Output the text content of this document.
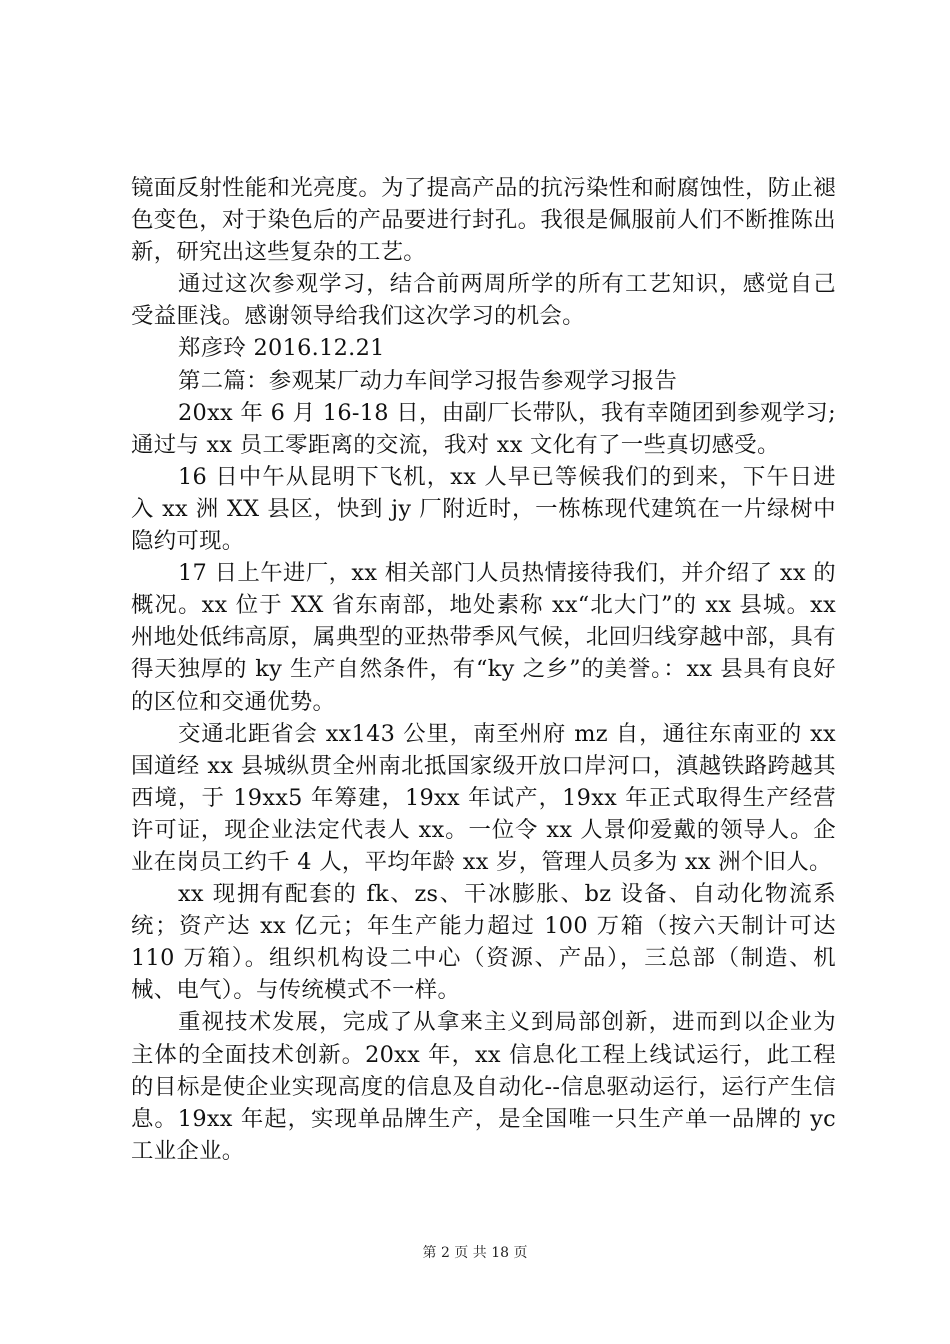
镜面反射性能和光亮度。为了提高产品的抗污染性和耐腐蚀性，防止褪色变色，对于染色后的产品要进行封孔。我很是佩服前人们不断推陈出新，研究出这些复杂的工艺。

通过这次参观学习，结合前两周所学的所有工艺知识，感觉自己受益匪浅。感谢领导给我们这次学习的机会。

郑彦玲 2016.12.21

第二篇：参观某厂动力车间学习报告参观学习报告

20xx 年 6 月 16-18 日，由副厂长带队，我有幸随团到参观学习;通过与 xx 员工零距离的交流，我对 xx 文化有了一些真切感受。

16 日中午从昆明下飞机，xx 人早已等候我们的到来，下午日进入 xx 洲 XX 县区，快到 jy 厂附近时，一栋栋现代建筑在一片绿树中隐约可现。

17 日上午进厂，xx 相关部门人员热情接待我们，并介绍了 xx 的概况。xx 位于 XX 省东南部，地处素称 xx“北大门”的 xx 县城。xx 州地处低纬高原，属典型的亚热带季风气候，北回归线穿越中部，具有得天独厚的 ky 生产自然条件，有“ky 之乡”的美誉。：xx 县具有良好的区位和交通优势。

交通北距省会 xx143 公里，南至州府 mz 自，通往东南亚的 xx 国道经 xx 县城纵贯全州南北抵国家级开放口岸河口，滇越铁路跨越其西境，于 19xx5 年筹建，19xx 年试产，19xx 年正式取得生产经营许可证，现企业法定代表人 xx。一位令 xx 人景仰爱戴的领导人。企业在岗员工约千 4 人，平均年龄 xx 岁，管理人员多为 xx 洲个旧人。

xx 现拥有配套的 fk、zs、干冰膨胀、bz 设备、自动化物流系统；资产达 xx 亿元；年生产能力超过 100 万箱（按六天制计可达 110 万箱）。组织机构设二中心（资源、产品），三总部（制造、机械、电气）。与传统模式不一样。

重视技术发展，完成了从拿来主义到局部创新，进而到以企业为主体的全面技术创新。20xx 年，xx 信息化工程上线试运行，此工程的目标是使企业实现高度的信息及自动化--信息驱动运行，运行产生信息。19xx 年起，实现单品牌生产，是全国唯一只生产单一品牌的 yc 工业企业。

第 2 页 共 18 页
